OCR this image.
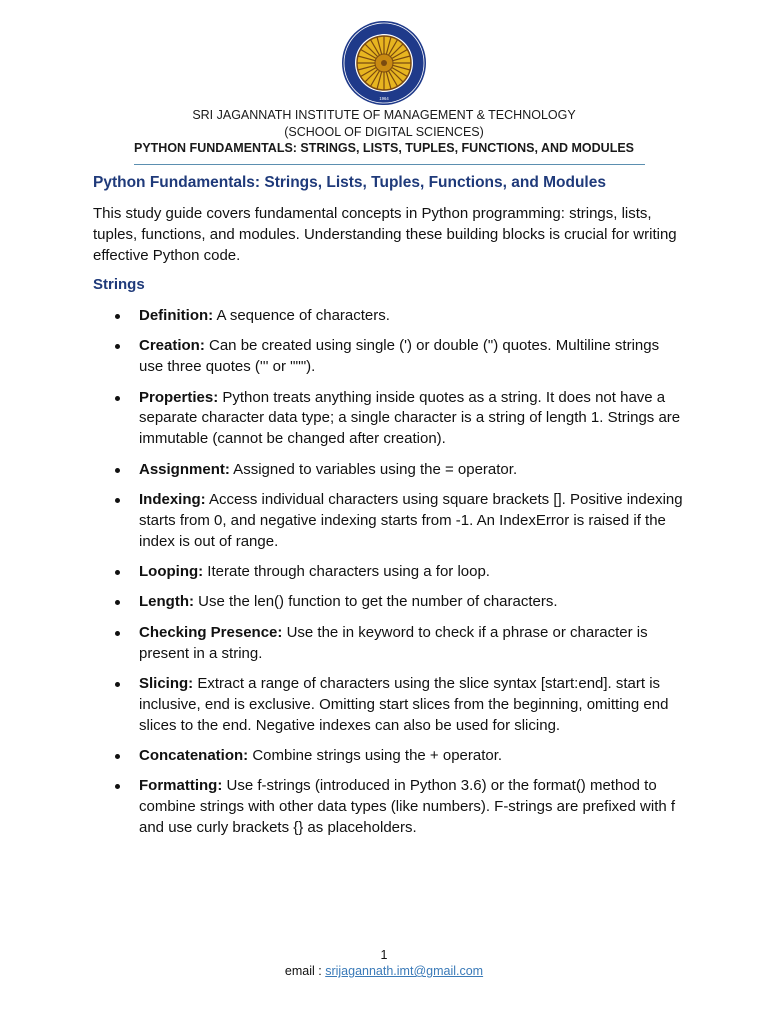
1964
SRI JAGANNATH INSTITUTE OF MANAGEMENT & TECHNOLOGY
(SCHOOL OF DIGITAL SCIENCES)
PYTHON FUNDAMENTALS: STRINGS, LISTS, TUPLES, FUNCTIONS, AND MODULES
Python Fundamentals: Strings, Lists, Tuples, Functions, and Modules
This study guide covers fundamental concepts in Python programming: strings, lists, tuples, functions, and modules. Understanding these building blocks is crucial for writing effective Python code.
Strings
Definition: A sequence of characters.
Creation: Can be created using single (') or double (") quotes. Multiline strings use three quotes (''' or """).
Properties: Python treats anything inside quotes as a string. It does not have a separate character data type; a single character is a string of length 1. Strings are immutable (cannot be changed after creation).
Assignment: Assigned to variables using the = operator.
Indexing: Access individual characters using square brackets []. Positive indexing starts from 0, and negative indexing starts from -1. An IndexError is raised if the index is out of range.
Looping: Iterate through characters using a for loop.
Length: Use the len() function to get the number of characters.
Checking Presence: Use the in keyword to check if a phrase or character is present in a string.
Slicing: Extract a range of characters using the slice syntax [start:end]. start is inclusive, end is exclusive. Omitting start slices from the beginning, omitting end slices to the end. Negative indexes can also be used for slicing.
Concatenation: Combine strings using the + operator.
Formatting: Use f-strings (introduced in Python 3.6) or the format() method to combine strings with other data types (like numbers). F-strings are prefixed with f and use curly brackets {} as placeholders.
1
email : srijagannath.imt@gmail.com
